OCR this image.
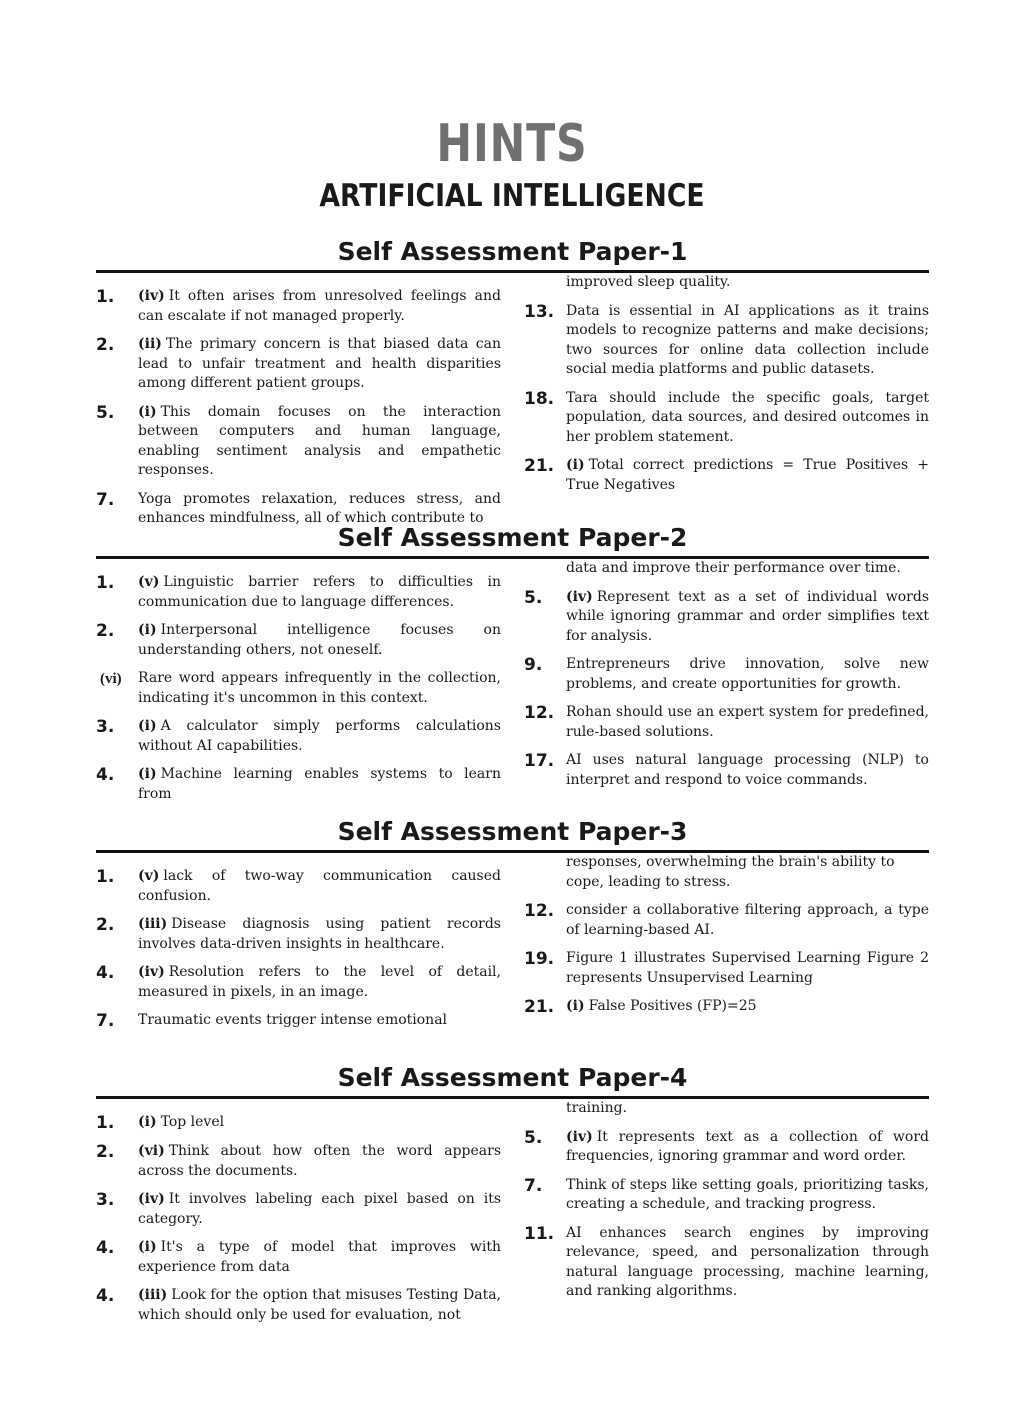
HINTS
ARTIFICIAL INTELLIGENCE
Self Assessment Paper-1
1.	(iv) It often arises from unresolved feelings and can escalate if not managed properly.
2.	(ii) The primary concern is that biased data can lead to unfair treatment and health disparities among different patient groups.
5.	(i) This domain focuses on the interaction between computers and human language, enabling sentiment analysis and empathetic responses.
7.	Yoga promotes relaxation, reduces stress, and enhances mindfulness, all of which contribute to
improved sleep quality.
13. Data is essential in AI applications as it trains models to recognize patterns and make decisions; two sources for online data collection include social media platforms and public datasets.
18. Tara should include the specific goals, target population, data sources, and desired outcomes in her problem statement.
21. (i) Total correct predictions = True Positives + True Negatives
Self Assessment Paper-2
1.	(v) Linguistic barrier refers to difficulties in communication due to language differences.
2.	(i) Interpersonal intelligence focuses on understanding others, not oneself.
(vi)	Rare word appears infrequently in the collection, indicating it's uncommon in this context.
3.	(i) A calculator simply performs calculations without AI capabilities.
4.	(i) Machine learning enables systems to learn from
data and improve their performance over time.
5.	(iv) Represent text as a set of individual words while ignoring grammar and order simplifies text for analysis.
9.	Entrepreneurs drive innovation, solve new problems, and create opportunities for growth.
12. Rohan should use an expert system for predefined, rule-based solutions.
17. AI uses natural language processing (NLP) to interpret and respond to voice commands.
Self Assessment Paper-3
1.	(v) lack of two-way communication caused confusion.
2.	(iii) Disease diagnosis using patient records involves data-driven insights in healthcare.
4.	(iv) Resolution refers to the level of detail, measured in pixels, in an image.
7.	Traumatic events trigger intense emotional
responses, overwhelming the brain's ability to cope, leading to stress.
12. consider a collaborative filtering approach, a type of learning-based AI.
19. Figure 1 illustrates Supervised Learning Figure 2 represents Unsupervised Learning
21. (i) False Positives (FP)=25
Self Assessment Paper-4
1.	(i) Top level
2.	(vi) Think about how often the word appears across the documents.
3.	(iv) It involves labeling each pixel based on its category.
4.	(i) It's a type of model that improves with experience from data
4.	(iii) Look for the option that misuses Testing Data, which should only be used for evaluation, not
training.
5.	(iv) It represents text as a collection of word frequencies, ignoring grammar and word order.
7.	Think of steps like setting goals, prioritizing tasks, creating a schedule, and tracking progress.
11. AI enhances search engines by improving relevance, speed, and personalization through natural language processing, machine learning, and ranking algorithms.
